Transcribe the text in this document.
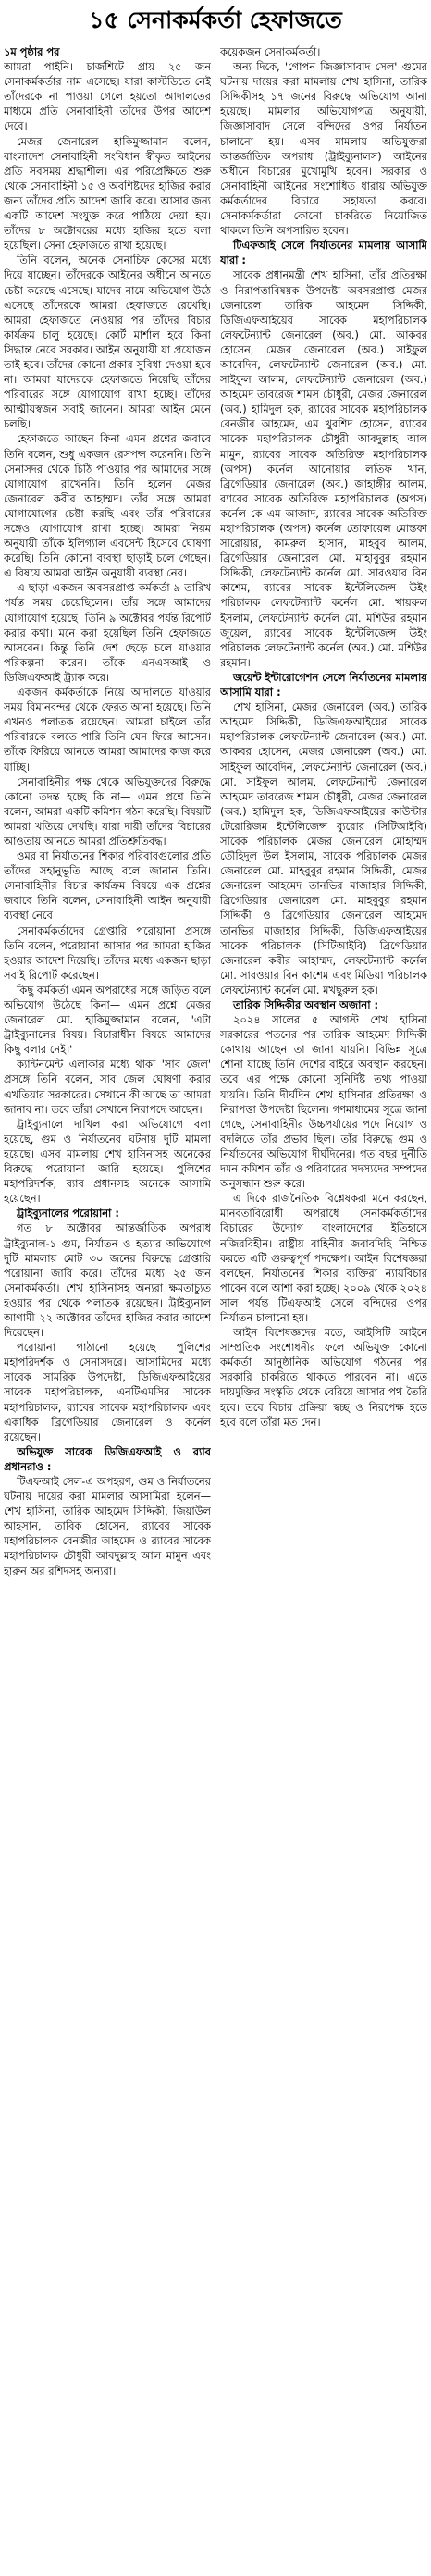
১৫ সেনাকর্মকর্তা হেফাজতে

১ম পৃষ্ঠার পর

আমরা পাইনি। চার্জশিটে প্রায় ২৫ জন সেনাকর্মকর্তার নাম এসেছে। যারা কাস্টডিতে নেই তাঁদেরকে না পাওয়া গেলে হয়তো আদালতের মাধ্যমে প্রতি সেনাবাহিনী তাঁদের উপর আদেশ দেবে।

মেজর জেনারেল হাকিমুজ্জামান বলেন, বাংলাদেশ সেনাবাহিনী সংবিধান স্বীকৃত আইনের প্রতি সবসময় শ্রদ্ধাশীল। এর পরিপ্রেক্ষিতে শুরু থেকে সেনাবাহিনী ১৫ ও অবশিষ্টদের হাজির করার জন্য তাঁদের প্রতি আদেশ জারি করে। আসার জন্য একটি আদেশ সংযুক্ত করে পাঠিয়ে দেয়া হয়। তাঁদের ৮ অক্টোবরের মধ্যে হাজির হতে বলা হয়েছিল। সেনা হেফাজতে রাখা হয়েছে।

তিনি বলেন, অনেক সেনাচিফ কেসের মধ্যে দিয়ে যাচ্ছেন। তাঁদেরকে আইনের অধীনে আনতে চেষ্টা করেছে এসেছে। যাদের নামে অভিযোগ উঠে এসেছে তাঁদেরকে আমরা হেফাজতে রেখেছি। আমরা হেফাজতে নেওয়ার পর তাঁদের বিচার কার্যক্রম চালু হয়েছে। কোর্ট মার্শাল হবে কিনা সিদ্ধান্ত নেবে সরকার। আইন অনুযায়ী যা প্রয়োজন তাই হবে। তাঁদের কোনো প্রকার সুবিধা দেওয়া হবে না। আমরা যাদেরকে হেফাজতে নিয়েছি তাঁদের পরিবারের সঙ্গে যোগাযোগ রাখা হচ্ছে। তাঁদের আত্মীয়স্বজন সবাই জানেন। আমরা আইন মেনে চলছি।

হেফাজতে আছেন কিনা এমন প্রশ্নের জবাবে তিনি বলেন, শুধু একজন রেসপন্স করেননি। তিনি সেনাসদর থেকে চিঠি পাওয়ার পর আমাদের সঙ্গে যোগাযোগ রাখেননি। তিনি হলেন মেজর জেনারেল কবীর আহাম্মদ। তাঁর সঙ্গে আমরা যোগাযোগের চেষ্টা করছি এবং তাঁর পরিবারের সঙ্গেও যোগাযোগ রাখা হচ্ছে। আমরা নিয়ম অনুযায়ী তাঁকে ইলিগ্যাল এবসেন্ট হিসেবে ঘোষণা করেছি। তিনি কোনো ব্যবস্থা ছাড়াই চলে গেছেন। এ বিষয়ে আমরা আইন অনুযায়ী ব্যবস্থা নেব।

এ ছাড়া একজন অবসরপ্রাপ্ত কর্মকর্তা ৯ তারিখ পর্যন্ত সময় চেয়েছিলেন। তাঁর সঙ্গে আমাদের যোগাযোগ হয়েছে। তিনি ৯ অক্টোবর পর্যন্ত রিপোর্ট করার কথা। মনে করা হয়েছিল তিনি হেফাজতে আসবেন। কিন্তু তিনি দেশ ছেড়ে চলে যাওয়ার পরিকল্পনা করেন। তাঁকে এনএসআই ও ডিজিএফআই ট্র্যাক করে।

একজন কর্মকর্তাকে নিয়ে আদালতে যাওয়ার সময় বিমানবন্দর থেকে ফেরত আনা হয়েছে। তিনি এখনও পলাতক রয়েছেন। আমরা চাইলে তাঁর পরিবারকে বলতে পারি তিনি যেন ফিরে আসেন। তাঁকে ফিরিয়ে আনতে আমরা আমাদের কাজ করে যাচ্ছি।

সেনাবাহিনীর পক্ষ থেকে অভিযুক্তদের বিরুদ্ধে কোনো তদন্ত হচ্ছে কি না— এমন প্রশ্নে তিনি বলেন, আমরা একটি কমিশন গঠন করেছি। বিষয়টি আমরা খতিয়ে দেখছি। যারা দায়ী তাঁদের বিচারের আওতায় আনতে আমরা প্রতিশ্রুতিবদ্ধ।

ওমর বা নির্যাতনের শিকার পরিবারগুলোর প্রতি তাঁদের সহানুভূতি আছে বলে জানান তিনি। সেনাবাহিনীর বিচার কার্যক্রম বিষয়ে এক প্রশ্নের জবাবে তিনি বলেন, সেনাবাহিনী আইন অনুযায়ী ব্যবস্থা নেবে।

সেনাকর্মকর্তাদের গ্রেপ্তারি পরোয়ানা প্রসঙ্গে তিনি বলেন, পরোয়ানা আসার পর আমরা হাজির হওয়ার আদেশ দিয়েছি। তাঁদের মধ্যে একজন ছাড়া সবাই রিপোর্ট করেছেন।

কিছু কর্মকর্তা এমন অপরাধের সঙ্গে জড়িত বলে অভিযোগ উঠেছে কিনা— এমন প্রশ্নে মেজর জেনারেল মো. হাকিমুজ্জামান বলেন, 'এটা ট্রাইব্যুনালের বিষয়। বিচারাধীন বিষয়ে আমাদের কিছু বলার নেই।'

ক্যান্টনমেন্ট এলাকার মধ্যে থাকা 'সাব জেল' প্রসঙ্গে তিনি বলেন, সাব জেল ঘোষণা করার এখতিয়ার সরকারের। সেখানে কী আছে তা আমরা জানাব না। তবে তাঁরা সেখানে নিরাপদে আছেন।

ট্রাইব্যুনালে দাখিল করা অভিযোগে বলা হয়েছে, গুম ও নির্যাতনের ঘটনায় দুটি মামলা হয়েছে। এসব মামলায় শেখ হাসিনাসহ অনেকের বিরুদ্ধে পরোয়ানা জারি হয়েছে। পুলিশের মহাপরিদর্শক, র‍্যাব প্রধানসহ অনেকে আসামি হয়েছেন।

ট্রাইব্যুনালের পরোয়ানা :

গত ৮ অক্টোবর আন্তর্জাতিক অপরাধ ট্রাইব্যুনাল-১ গুম, নির্যাতন ও হত্যার অভিযোগে দুটি মামলায় মোট ৩০ জনের বিরুদ্ধে গ্রেপ্তারি পরোয়ানা জারি করে। তাঁদের মধ্যে ২৫ জন সেনাকর্মকর্তা। শেখ হাসিনাসহ অন্যরা ক্ষমতাচ্যুত হওয়ার পর থেকে পলাতক রয়েছেন। ট্রাইব্যুনাল আগামী ২২ অক্টোবর তাঁদের হাজির করার আদেশ দিয়েছেন।

পরোয়ানা পাঠানো হয়েছে পুলিশের মহাপরিদর্শক ও সেনাসদরে। আসামিদের মধ্যে সাবেক সামরিক উপদেষ্টা, ডিজিএফআইয়ের সাবেক মহাপরিচালক, এনটিএমসির সাবেক মহাপরিচালক, র‍্যাবের সাবেক মহাপরিচালক এবং একাধিক ব্রিগেডিয়ার জেনারেল ও কর্নেল রয়েছেন।

অভিযুক্ত সাবেক ডিজিএফআই ও র‍্যাব প্রধানরাও :

টিএফআই সেল-এ অপহরণ, গুম ও নির্যাতনের ঘটনায় দায়ের করা মামলার আসামিরা হলেন— শেখ হাসিনা, তারিক আহমেদ সিদ্দিকী, জিয়াউল আহসান, তাবিক হোসেন, র‍্যাবের সাবেক মহাপরিচালক বেনজীর আহমেদ ও র‍্যাবের সাবেক মহাপরিচালক চৌধুরী আবদুল্লাহ আল মামুন এবং হারুন অর রশিদসহ অন্যরা।

কয়েকজন সেনাকর্মকর্তা।

অন্য দিকে, 'গোপন জিজ্ঞাসাবাদ সেল' গুমের ঘটনায় দায়ের করা মামলায় শেখ হাসিনা, তারিক সিদ্দিকীসহ ১৭ জনের বিরুদ্ধে অভিযোগ আনা হয়েছে। মামলার অভিযোগপত্র অনুযায়ী, জিজ্ঞাসাবাদ সেলে বন্দিদের ওপর নির্যাতন চালানো হয়। এসব মামলায় অভিযুক্তরা আন্তর্জাতিক অপরাধ (ট্রাইব্যুনালস) আইনের অধীনে বিচারের মুখোমুখি হবেন। সরকার ও সেনাবাহিনী আইনের সংশোধিত ধারায় অভিযুক্ত কর্মকর্তাদের বিচারে সহায়তা করবে। সেনাকর্মকর্তারা কোনো চাকরিতে নিয়োজিত থাকলে তিনি অপসারিত হবেন।

টিএফআই সেলে নির্যাতনের মামলায় আসামি যারা :

সাবেক প্রধানমন্ত্রী শেখ হাসিনা, তাঁর প্রতিরক্ষা ও নিরাপত্তাবিষয়ক উপদেষ্টা অবসরপ্রাপ্ত মেজর জেনারেল তারিক আহমেদ সিদ্দিকী, ডিজিএফআইয়ের সাবেক মহাপরিচালক লেফটেন্যান্ট জেনারেল (অব.) মো. আকবর হোসেন, মেজর জেনারেল (অব.) সাইফুল আবেদিন, লেফটেন্যান্ট জেনারেল (অব.) মো. সাইফুল আলম, লেফটেন্যান্ট জেনারেল (অব.) আহমেদ তাবরেজ শামস চৌধুরী, মেজর জেনারেল (অব.) হামিদুল হক, র‍্যাবের সাবেক মহাপরিচালক বেনজীর আহমেদ, এম খুরশিদ হোসেন, র‍্যাবের সাবেক মহাপরিচালক চৌধুরী আবদুল্লাহ আল মামুন, র‍্যাবের সাবেক অতিরিক্ত মহাপরিচালক (অপস) কর্নেল আনোয়ার লতিফ খান, ব্রিগেডিয়ার জেনারেল (অব.) জাহাঙ্গীর আলম, র‍্যাবের সাবেক অতিরিক্ত মহাপরিচালক (অপস) কর্নেল কে এম আজাদ, র‍্যাবের সাবেক অতিরিক্ত মহাপরিচালক (অপস) কর্নেল তোফায়েল মোস্তফা সারোয়ার, কামরুল হাসান, মাহবুব আলম, ব্রিগেডিয়ার জেনারেল মো. মাহাবুবুর রহমান সিদ্দিকী, লেফটেন্যান্ট কর্নেল মো. সারওয়ার বিন কাশেম, র‍্যাবের সাবেক ইন্টেলিজেন্স উইং পরিচালক লেফটেন্যান্ট কর্নেল মো. খায়রুল ইসলাম, লেফটেন্যান্ট কর্নেল মো. মশিউর রহমান জুয়েল, র‍্যাবের সাবেক ইন্টেলিজেন্স উইং পরিচালক লেফটেন্যান্ট কর্নেল (অব.) মো. মশিউর রহমান।

জয়েন্ট ইন্টারোগেশন সেলে নির্যাতনের মামলায় আসামি যারা :

শেখ হাসিনা, মেজর জেনারেল (অব.) তারিক আহমেদ সিদ্দিকী, ডিজিএফআইয়ের সাবেক মহাপরিচালক লেফটেন্যান্ট জেনারেল (অব.) মো. আকবর হোসেন, মেজর জেনারেল (অব.) মো. সাইফুল আবেদিন, লেফটেন্যান্ট জেনারেল (অব.) মো. সাইফুল আলম, লেফটেন্যান্ট জেনারেল আহমেদ তাবরেজ শামস চৌধুরী, মেজর জেনারেল (অব.) হামিদুল হক, ডিজিএফআইয়ের কাউন্টার টেরোরিজম ইন্টেলিজেন্স ব্যুরোর (সিটিআইবি) সাবেক পরিচালক মেজর জেনারেল মোহাম্মদ তৌহিদুল উল ইসলাম, সাবেক পরিচালক মেজর জেনারেল মো. মাহবুবুর রহমান সিদ্দিকী, মেজর জেনারেল আহমেদ তানভির মাজাহার সিদ্দিকী, ব্রিগেডিয়ার জেনারেল মো. মাহবুবুর রহমান সিদ্দিকী ও ব্রিগেডিয়ার জেনারেল আহমেদ তানভির মাজাহার সিদ্দিকী, ডিজিএফআইয়ের সাবেক পরিচালক (সিটিআইবি) ব্রিগেডিয়ার জেনারেল কবীর আহাম্মদ, লেফটেন্যান্ট কর্নেল মো. সারওয়ার বিন কাশেম এবং মিডিয়া পরিচালক লেফটেন্যান্ট কর্নেল মো. মখছুরুল হক।

তারিক সিদ্দিকীর অবস্থান অজানা :

২০২৪ সালের ৫ আগস্ট শেখ হাসিনা সরকারের পতনের পর তারিক আহমেদ সিদ্দিকী কোথায় আছেন তা জানা যায়নি। বিভিন্ন সূত্রে শোনা যাচ্ছে তিনি দেশের বাইরে অবস্থান করছেন। তবে এর পক্ষে কোনো সুনির্দিষ্ট তথ্য পাওয়া যায়নি। তিনি দীর্ঘদিন শেখ হাসিনার প্রতিরক্ষা ও নিরাপত্তা উপদেষ্টা ছিলেন। গণমাধ্যমের সূত্রে জানা গেছে, সেনাবাহিনীর উচ্চপর্যায়ের পদে নিয়োগ ও বদলিতে তাঁর প্রভাব ছিল। তাঁর বিরুদ্ধে গুম ও নির্যাতনের অভিযোগ দীর্ঘদিনের। গত বছর দুর্নীতি দমন কমিশন তাঁর ও পরিবারের সদস্যদের সম্পদের অনুসন্ধান শুরু করে।

এ দিকে রাজনৈতিক বিশ্লেষকরা মনে করছেন, মানবতাবিরোধী অপরাধে সেনাকর্মকর্তাদের বিচারের উদ্যোগ বাংলাদেশের ইতিহাসে নজিরবিহীন। রাষ্ট্রীয় বাহিনীর জবাবদিহি নিশ্চিত করতে এটি গুরুত্বপূর্ণ পদক্ষেপ। আইন বিশেষজ্ঞরা বলছেন, নির্যাতনের শিকার ব্যক্তিরা ন্যায়বিচার পাবেন বলে আশা করা হচ্ছে। ২০০৯ থেকে ২০২৪ সাল পর্যন্ত টিএফআই সেলে বন্দিদের ওপর নির্যাতন চালানো হয়।

আইন বিশেষজ্ঞদের মতে, আইসিটি আইনে সাম্প্রতিক সংশোধনীর ফলে অভিযুক্ত কোনো কর্মকর্তা আনুষ্ঠানিক অভিযোগ গঠনের পর সরকারি চাকরিতে থাকতে পারবেন না। এতে দায়মুক্তির সংস্কৃতি থেকে বেরিয়ে আসার পথ তৈরি হবে। তবে বিচার প্রক্রিয়া স্বচ্ছ ও নিরপেক্ষ হতে হবে বলে তাঁরা মত দেন।
